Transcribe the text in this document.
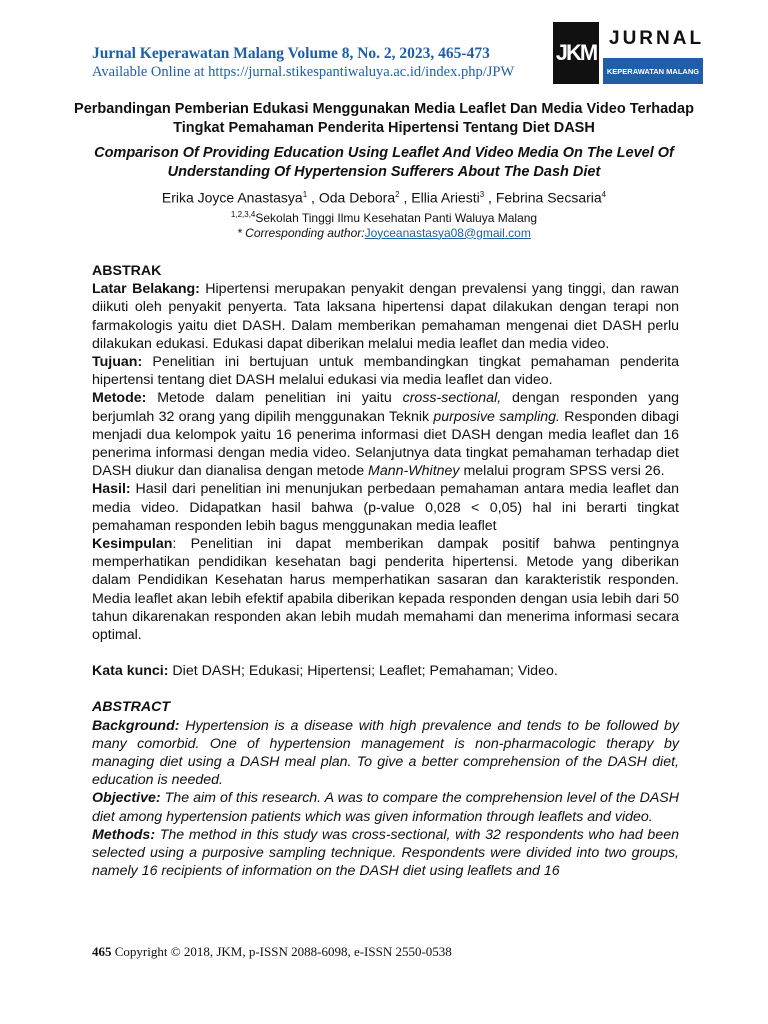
Jurnal Keperawatan Malang Volume 8, No. 2, 2023, 465-473
Available Online at https://jurnal.stikespantiwaluya.ac.id/index.php/JPW
JKM
JURNAL
KEPERAWATAN MALANG

Perbandingan Pemberian Edukasi Menggunakan Media Leaflet Dan Media Video Terhadap Tingkat Pemahaman Penderita Hipertensi Tentang Diet DASH

Comparison Of Providing Education Using Leaflet And Video Media On The Level Of Understanding Of Hypertension Sufferers About The Dash Diet

Erika Joyce Anastasya$^1$ , Oda Debora$^2$ , Ellia Ariesti$^3$ , Febrina Secsaria$^4$
$^{1,2,3,4}$Sekolah Tinggi Ilmu Kesehatan Panti Waluya Malang
* Corresponding author:Joyceanastasya08@gmail.com

ABSTRAK

Latar Belakang: Hipertensi merupakan penyakit dengan prevalensi yang tinggi, dan rawan diikuti oleh penyakit penyerta. Tata laksana hipertensi dapat dilakukan dengan terapi non farmakologis yaitu diet DASH. Dalam memberikan pemahaman mengenai diet DASH perlu dilakukan edukasi. Edukasi dapat diberikan melalui media leaflet dan media video.

Tujuan: Penelitian ini bertujuan untuk membandingkan tingkat pemahaman penderita hipertensi tentang diet DASH melalui edukasi via media leaflet dan video.

Metode: Metode dalam penelitian ini yaitu cross-sectional, dengan responden yang berjumlah 32 orang yang dipilih menggunakan Teknik purposive sampling. Responden dibagi menjadi dua kelompok yaitu 16 penerima informasi diet DASH dengan media leaflet dan 16 penerima informasi dengan media video. Selanjutnya data tingkat pemahaman terhadap diet DASH diukur dan dianalisa dengan metode Mann-Whitney melalui program SPSS versi 26.

Hasil: Hasil dari penelitian ini menunjukan perbedaan pemahaman antara media leaflet dan media video. Didapatkan hasil bahwa (p-value 0,028 < 0,05) hal ini berarti tingkat pemahaman responden lebih bagus menggunakan media leaflet

Kesimpulan: Penelitian ini dapat memberikan dampak positif bahwa pentingnya memperhatikan pendidikan kesehatan bagi penderita hipertensi. Metode yang diberikan dalam Pendidikan Kesehatan harus memperhatikan sasaran dan karakteristik responden. Media leaflet akan lebih efektif apabila diberikan kepada responden dengan usia lebih dari 50 tahun dikarenakan responden akan lebih mudah memahami dan menerima informasi secara optimal.

Kata kunci: Diet DASH; Edukasi; Hipertensi; Leaflet; Pemahaman; Video.

ABSTRACT

Background: Hypertension is a disease with high prevalence and tends to be followed by many comorbid. One of hypertension management is non-pharmacologic therapy by managing diet using a DASH meal plan. To give a better comprehension of the DASH diet, education is needed.

Objective: The aim of this research. A was to compare the comprehension level of the DASH diet among hypertension patients which was given information through leaflets and video.

Methods: The method in this study was cross-sectional, with 32 respondents who had been selected using a purposive sampling technique. Respondents were divided into two groups, namely 16 recipients of information on the DASH diet using leaflets and 16

465 Copyright © 2018, JKM, p-ISSN 2088-6098, e-ISSN 2550-0538
